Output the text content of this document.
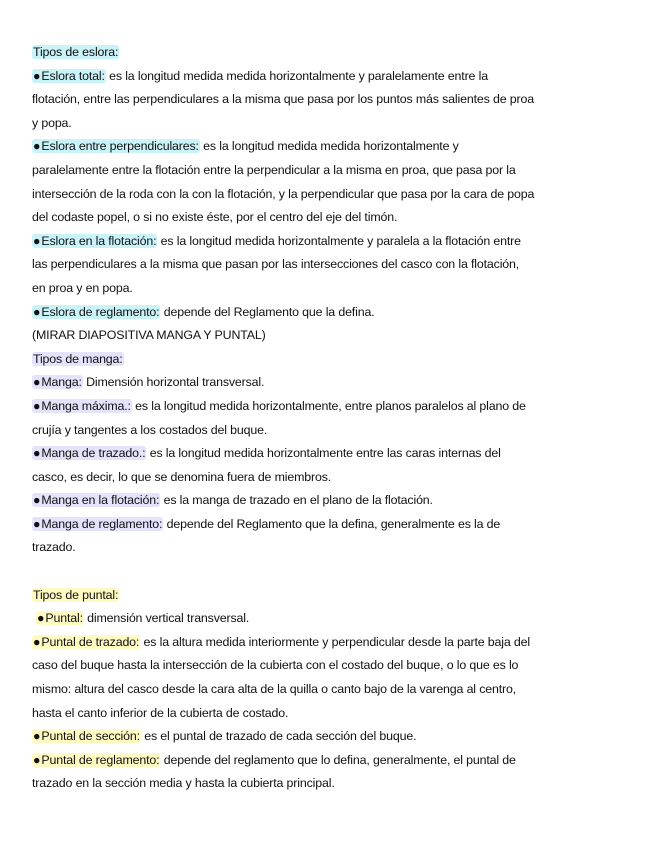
Tipos de eslora:
●Eslora total: es la longitud medida medida horizontalmente y paralelamente entre la
flotación, entre las perpendiculares a la misma que pasa por los puntos más salientes de proa
y popa.
●Eslora entre perpendiculares: es la longitud medida medida horizontalmente y
paralelamente entre la flotación entre la perpendicular a la misma en proa, que pasa por la
intersección de la roda con la con la flotación, y la perpendicular que pasa por la cara de popa
del codaste popel, o si no existe éste, por el centro del eje del timón.
●Eslora en la flotación: es la longitud medida horizontalmente y paralela a la flotación entre
las perpendiculares a la misma que pasan por las intersecciones del casco con la flotación,
en proa y en popa.
●Eslora de reglamento: depende del Reglamento que la defina.
(MIRAR DIAPOSITIVA MANGA Y PUNTAL)
Tipos de manga:
●Manga: Dimensión horizontal transversal.
●Manga máxima.: es la longitud medida horizontalmente, entre planos paralelos al plano de
crujía y tangentes a los costados del buque.
●Manga de trazado.: es la longitud medida horizontalmente entre las caras internas del
casco, es decir, lo que se denomina fuera de miembros.
●Manga en la flotación: es la manga de trazado en el plano de la flotación.
●Manga de reglamento: depende del Reglamento que la defina, generalmente es la de
trazado.
Tipos de puntal:
●Puntal: dimensión vertical transversal.
●Puntal de trazado: es la altura medida interiormente y perpendicular desde la parte baja del
caso del buque hasta la intersección de la cubierta con el costado del buque, o lo que es lo
mismo: altura del casco desde la cara alta de la quilla o canto bajo de la varenga al centro,
hasta el canto inferior de la cubierta de costado.
●Puntal de sección: es el puntal de trazado de cada sección del buque.
●Puntal de reglamento: depende del reglamento que lo defina, generalmente, el puntal de
trazado en la sección media y hasta la cubierta principal.
